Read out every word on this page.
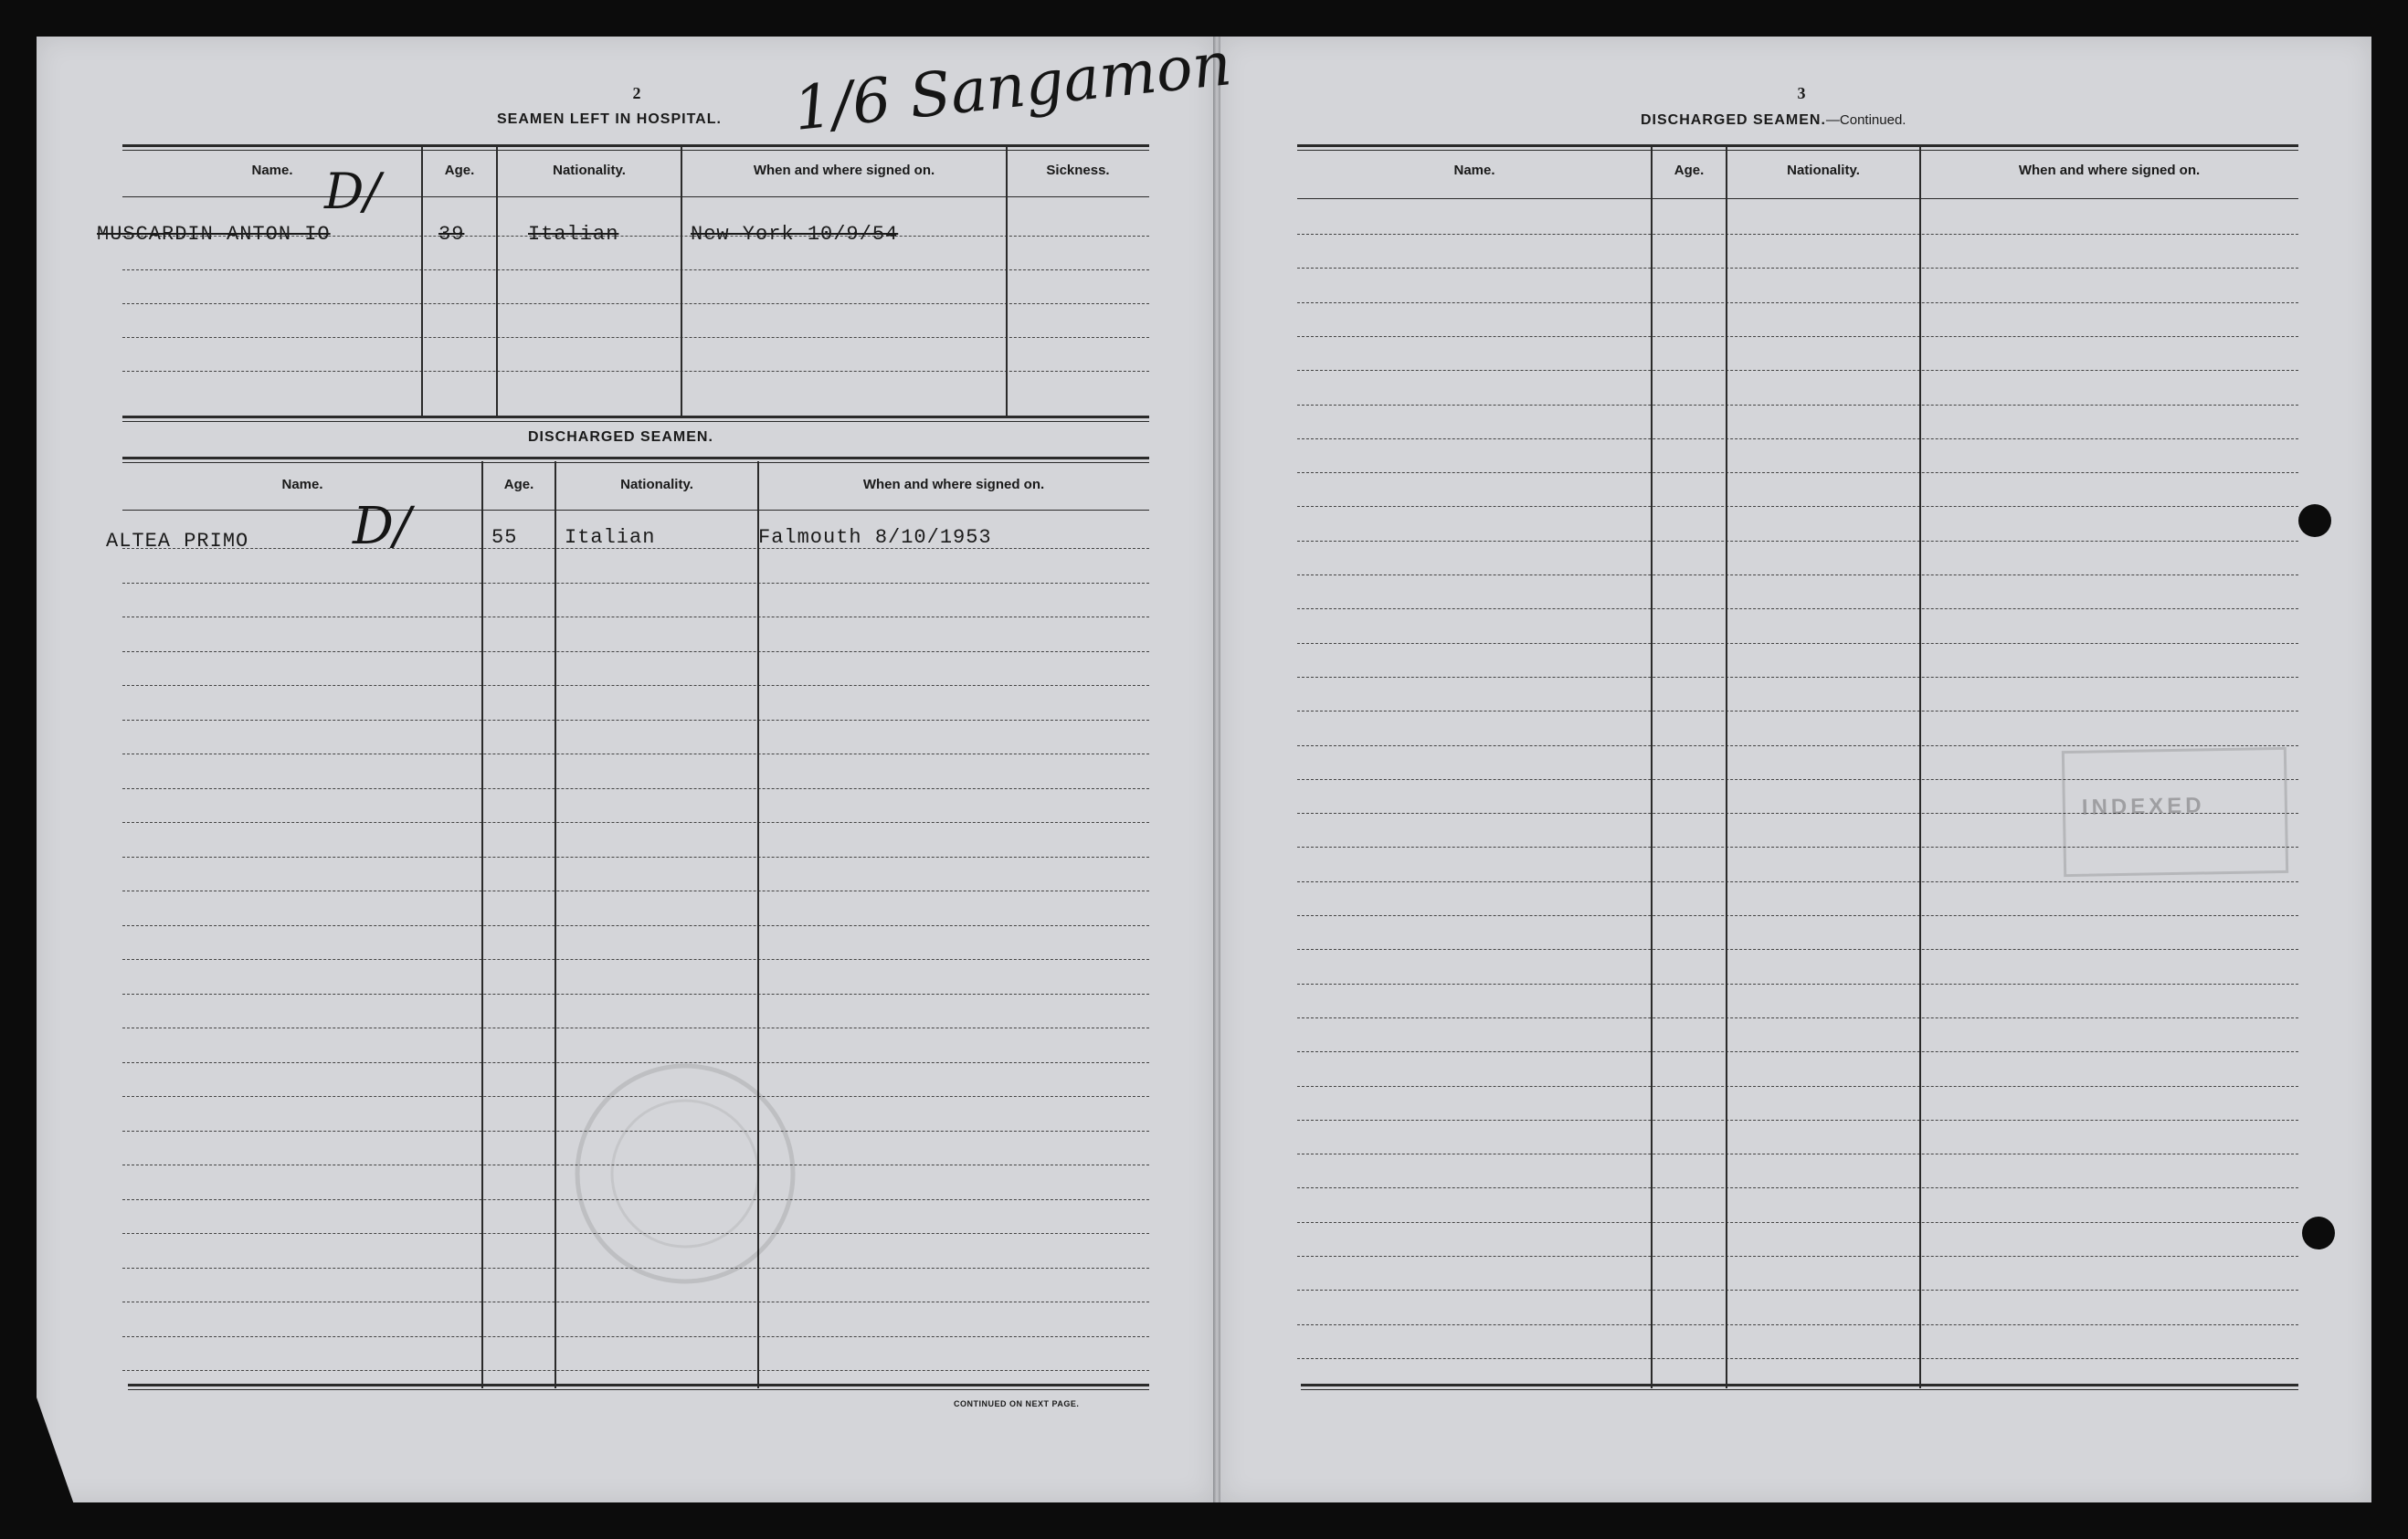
2
SEAMEN LEFT IN HOSPITAL. 1/6 Sangamon
Name.	Age.	Nationality.	When and where signed on.	Sickness.
MUSCARDIN ANTON IO	39	Italian	New York 10/9/54
D/
DISCHARGED SEAMEN.
Name.	Age.	Nationality.	When and where signed on.
ALTEA PRIMO	55 Italian	Falmouth 8/10/1953
D/
CONTINUED ON NEXT PAGE.
3
DISCHARGED SEAMEN.—Continued.
Name.	Age.	Nationality.	When and where signed on.
INDEXED
